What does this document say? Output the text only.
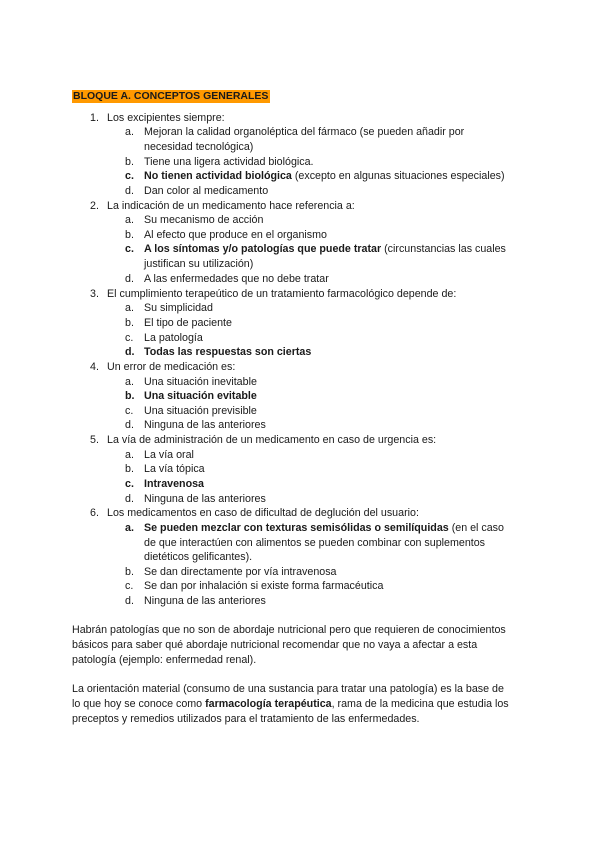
BLOQUE A. CONCEPTOS GENERALES
1. Los excipientes siempre:
a. Mejoran la calidad organoléptica del fármaco (se pueden añadir por
necesidad tecnológica)
b. Tiene una ligera actividad biológica.
c. No tienen actividad biológica (excepto en algunas situaciones especiales)
d. Dan color al medicamento
2. La indicación de un medicamento hace referencia a:
a. Su mecanismo de acción
b. Al efecto que produce en el organismo
c. A los síntomas y/o patologías que puede tratar (circunstancias las cuales
justifican su utilización)
d. A las enfermedades que no debe tratar
3. El cumplimiento terapeútico de un tratamiento farmacológico depende de:
a. Su simplicidad
b. El tipo de paciente
c. La patología
d. Todas las respuestas son ciertas
4. Un error de medicación es:
a. Una situación inevitable
b. Una situación evitable
c. Una situación previsible
d. Ninguna de las anteriores
5. La vía de administración de un medicamento en caso de urgencia es:
a. La vía oral
b. La vía tópica
c. Intravenosa
d. Ninguna de las anteriores
6. Los medicamentos en caso de dificultad de deglución del usuario:
a. Se pueden mezclar con texturas semisólidas o semilíquidas (en el caso
de que interactúen con alimentos se pueden combinar con suplementos
dietéticos gelificantes).
b. Se dan directamente por vía intravenosa
c. Se dan por inhalación si existe forma farmacéutica
d. Ninguna de las anteriores
Habrán patologías que no son de abordaje nutricional pero que requieren de conocimientos
básicos para saber qué abordaje nutricional recomendar que no vaya a afectar a esta
patología (ejemplo: enfermedad renal).
La orientación material (consumo de una sustancia para tratar una patología) es la base de
lo que hoy se conoce como farmacología terapéutica, rama de la medicina que estudia los
preceptos y remedios utilizados para el tratamiento de las enfermedades.
